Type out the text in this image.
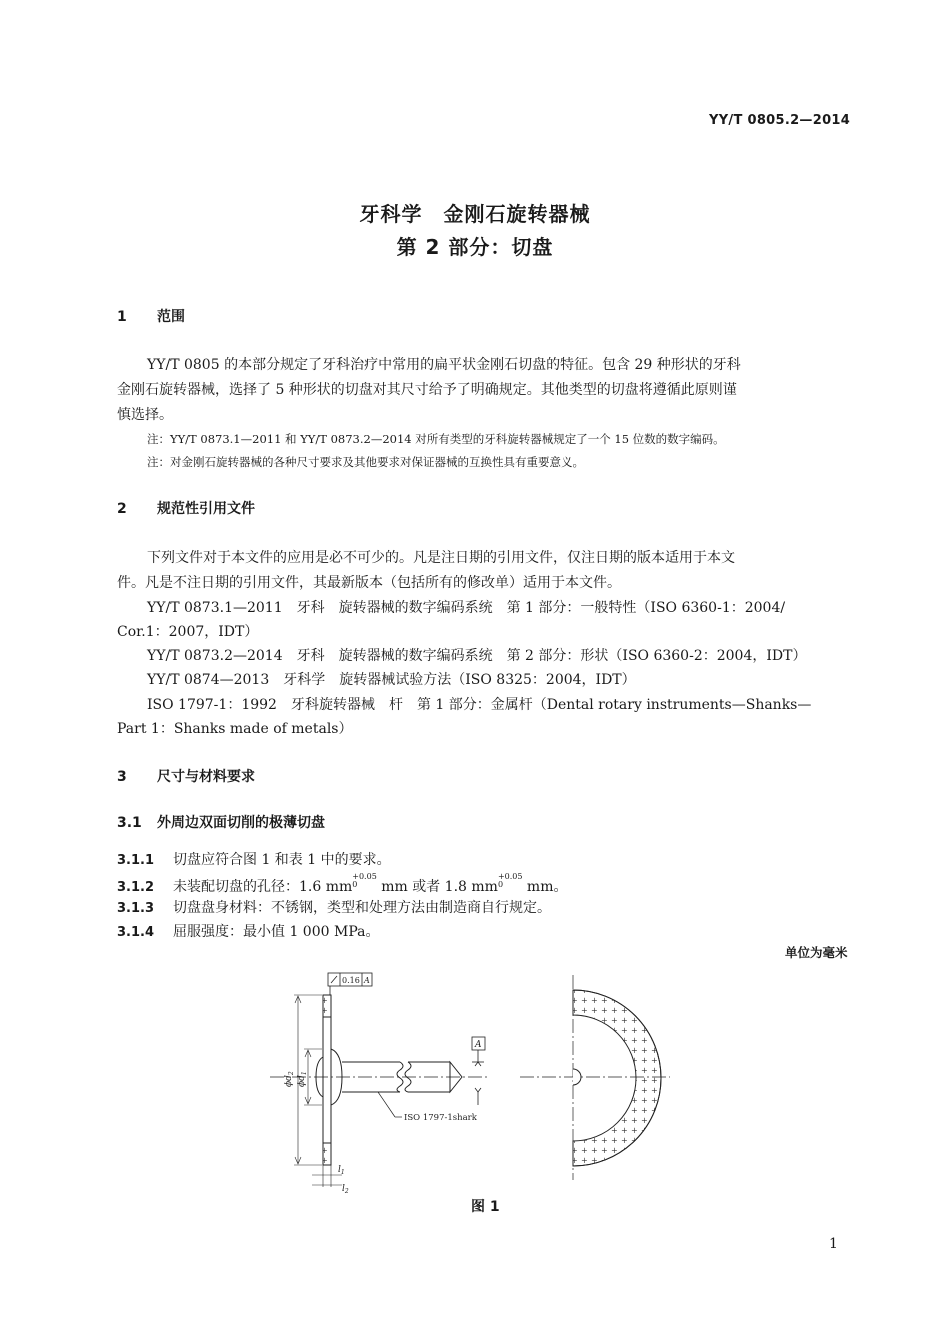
YY/T 0805.2—2014
牙科学　金刚石旋转器械
第 2 部分：切盘
1 范围
YY/T 0805 的本部分规定了牙科治疗中常用的扁平状金刚石切盘的特征。包含 29 种形状的牙科
金刚石旋转器械，选择了 5 种形状的切盘对其尺寸给予了明确规定。其他类型的切盘将遵循此原则谨
慎选择。
注：YY/T 0873.1—2011 和 YY/T 0873.2—2014 对所有类型的牙科旋转器械规定了一个 15 位数的数字编码。
注：对金刚石旋转器械的各种尺寸要求及其他要求对保证器械的互换性具有重要意义。
2 规范性引用文件
下列文件对于本文件的应用是必不可少的。凡是注日期的引用文件，仅注日期的版本适用于本文
件。凡是不注日期的引用文件，其最新版本（包括所有的修改单）适用于本文件。
YY/T 0873.1—2011　牙科　旋转器械的数字编码系统　第 1 部分：一般特性（ISO 6360-1：2004/
Cor.1：2007，IDT）
YY/T 0873.2—2014　牙科　旋转器械的数字编码系统　第 2 部分：形状（ISO 6360-2：2004，IDT）
YY/T 0874—2013　牙科学　旋转器械试验方法（ISO 8325：2004，IDT）
ISO 1797-1：1992　牙科旋转器械　杆　第 1 部分：金属杆（Dental rotary instruments—Shanks—
Part 1：Shanks made of metals）
3 尺寸与材料要求
3.1 外周边双面切削的极薄切盘
3.1.1 切盘应符合图 1 和表 1 中的要求。
3.1.2 未装配切盘的孔径：1.6 mm+0.05
0 mm 或者 1.8 mm+0.05
0 mm。
3.1.3 切盘盘身材料：不锈钢，类型和处理方法由制造商自行规定。
3.1.4 屈服强度：最小值 1 000 MPa。
单位为毫米
0.16 A
A
$\phi d_2$
$\phi d_1$
$l_1$
$l_2$
ISO 1797-1shark
图 1
1
